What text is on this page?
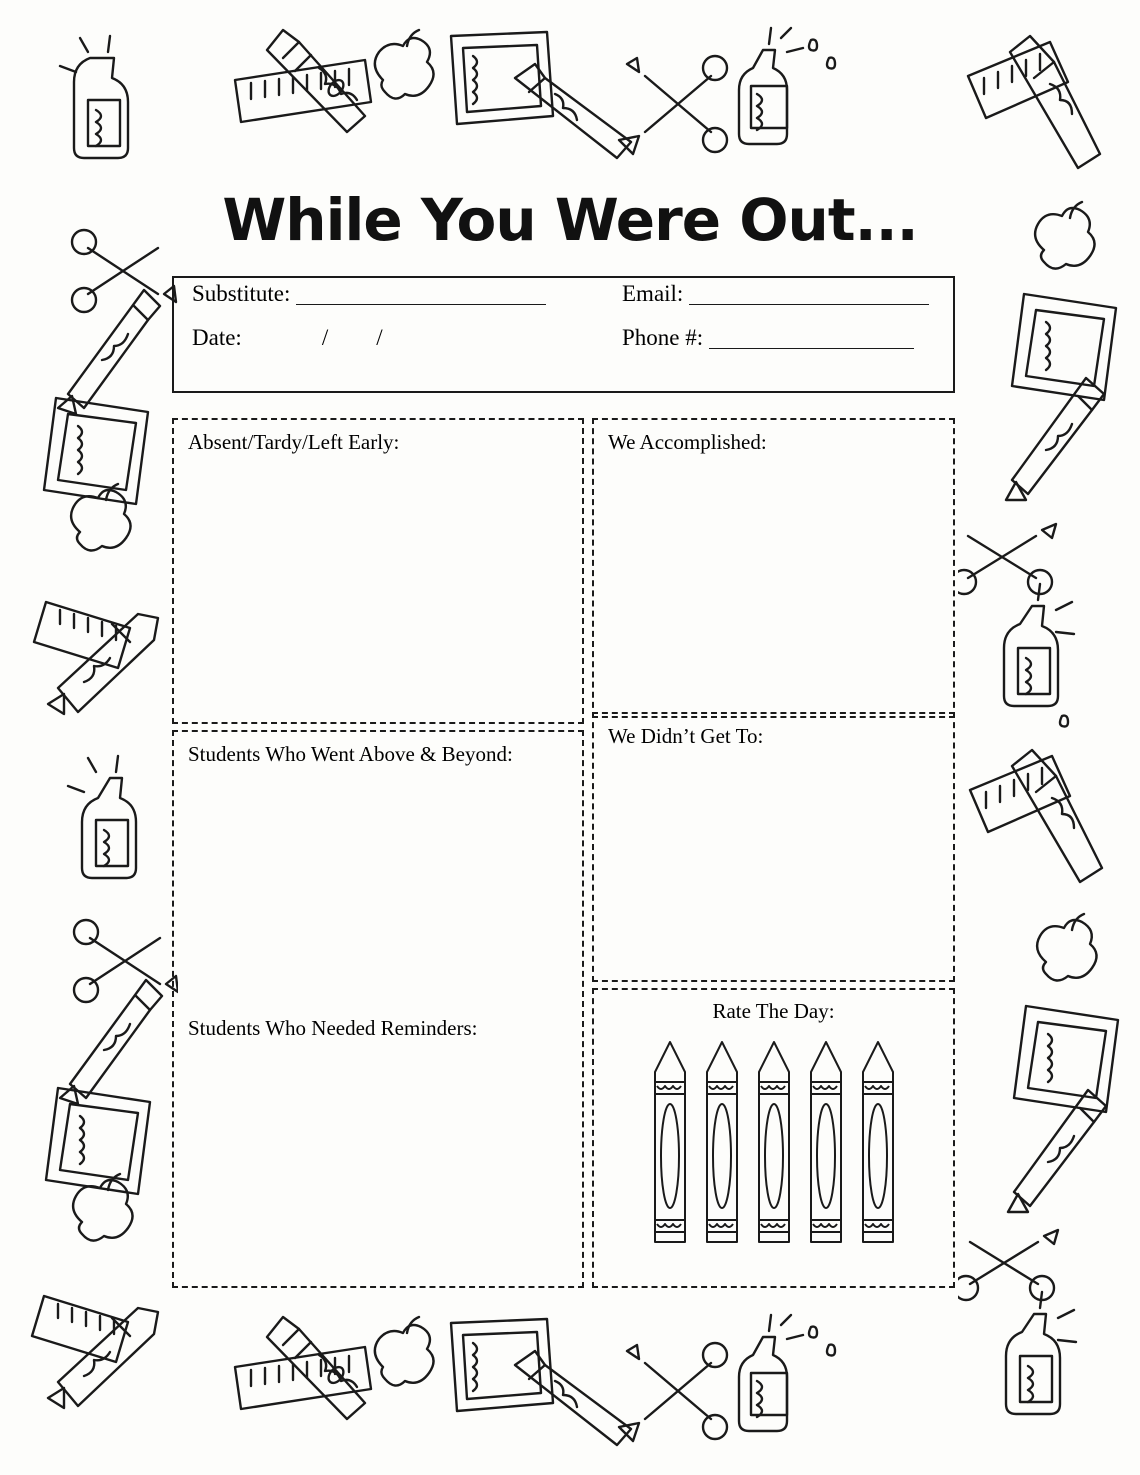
While You Were Out...
Substitute:	Email:
Date:	/ /	Phone #:
Absent/Tardy/Left Early:
Students Who Went Above & Beyond:
Students Who Needed Reminders:
We Accomplished:
We Didn’t Get To:
Rate The Day:
